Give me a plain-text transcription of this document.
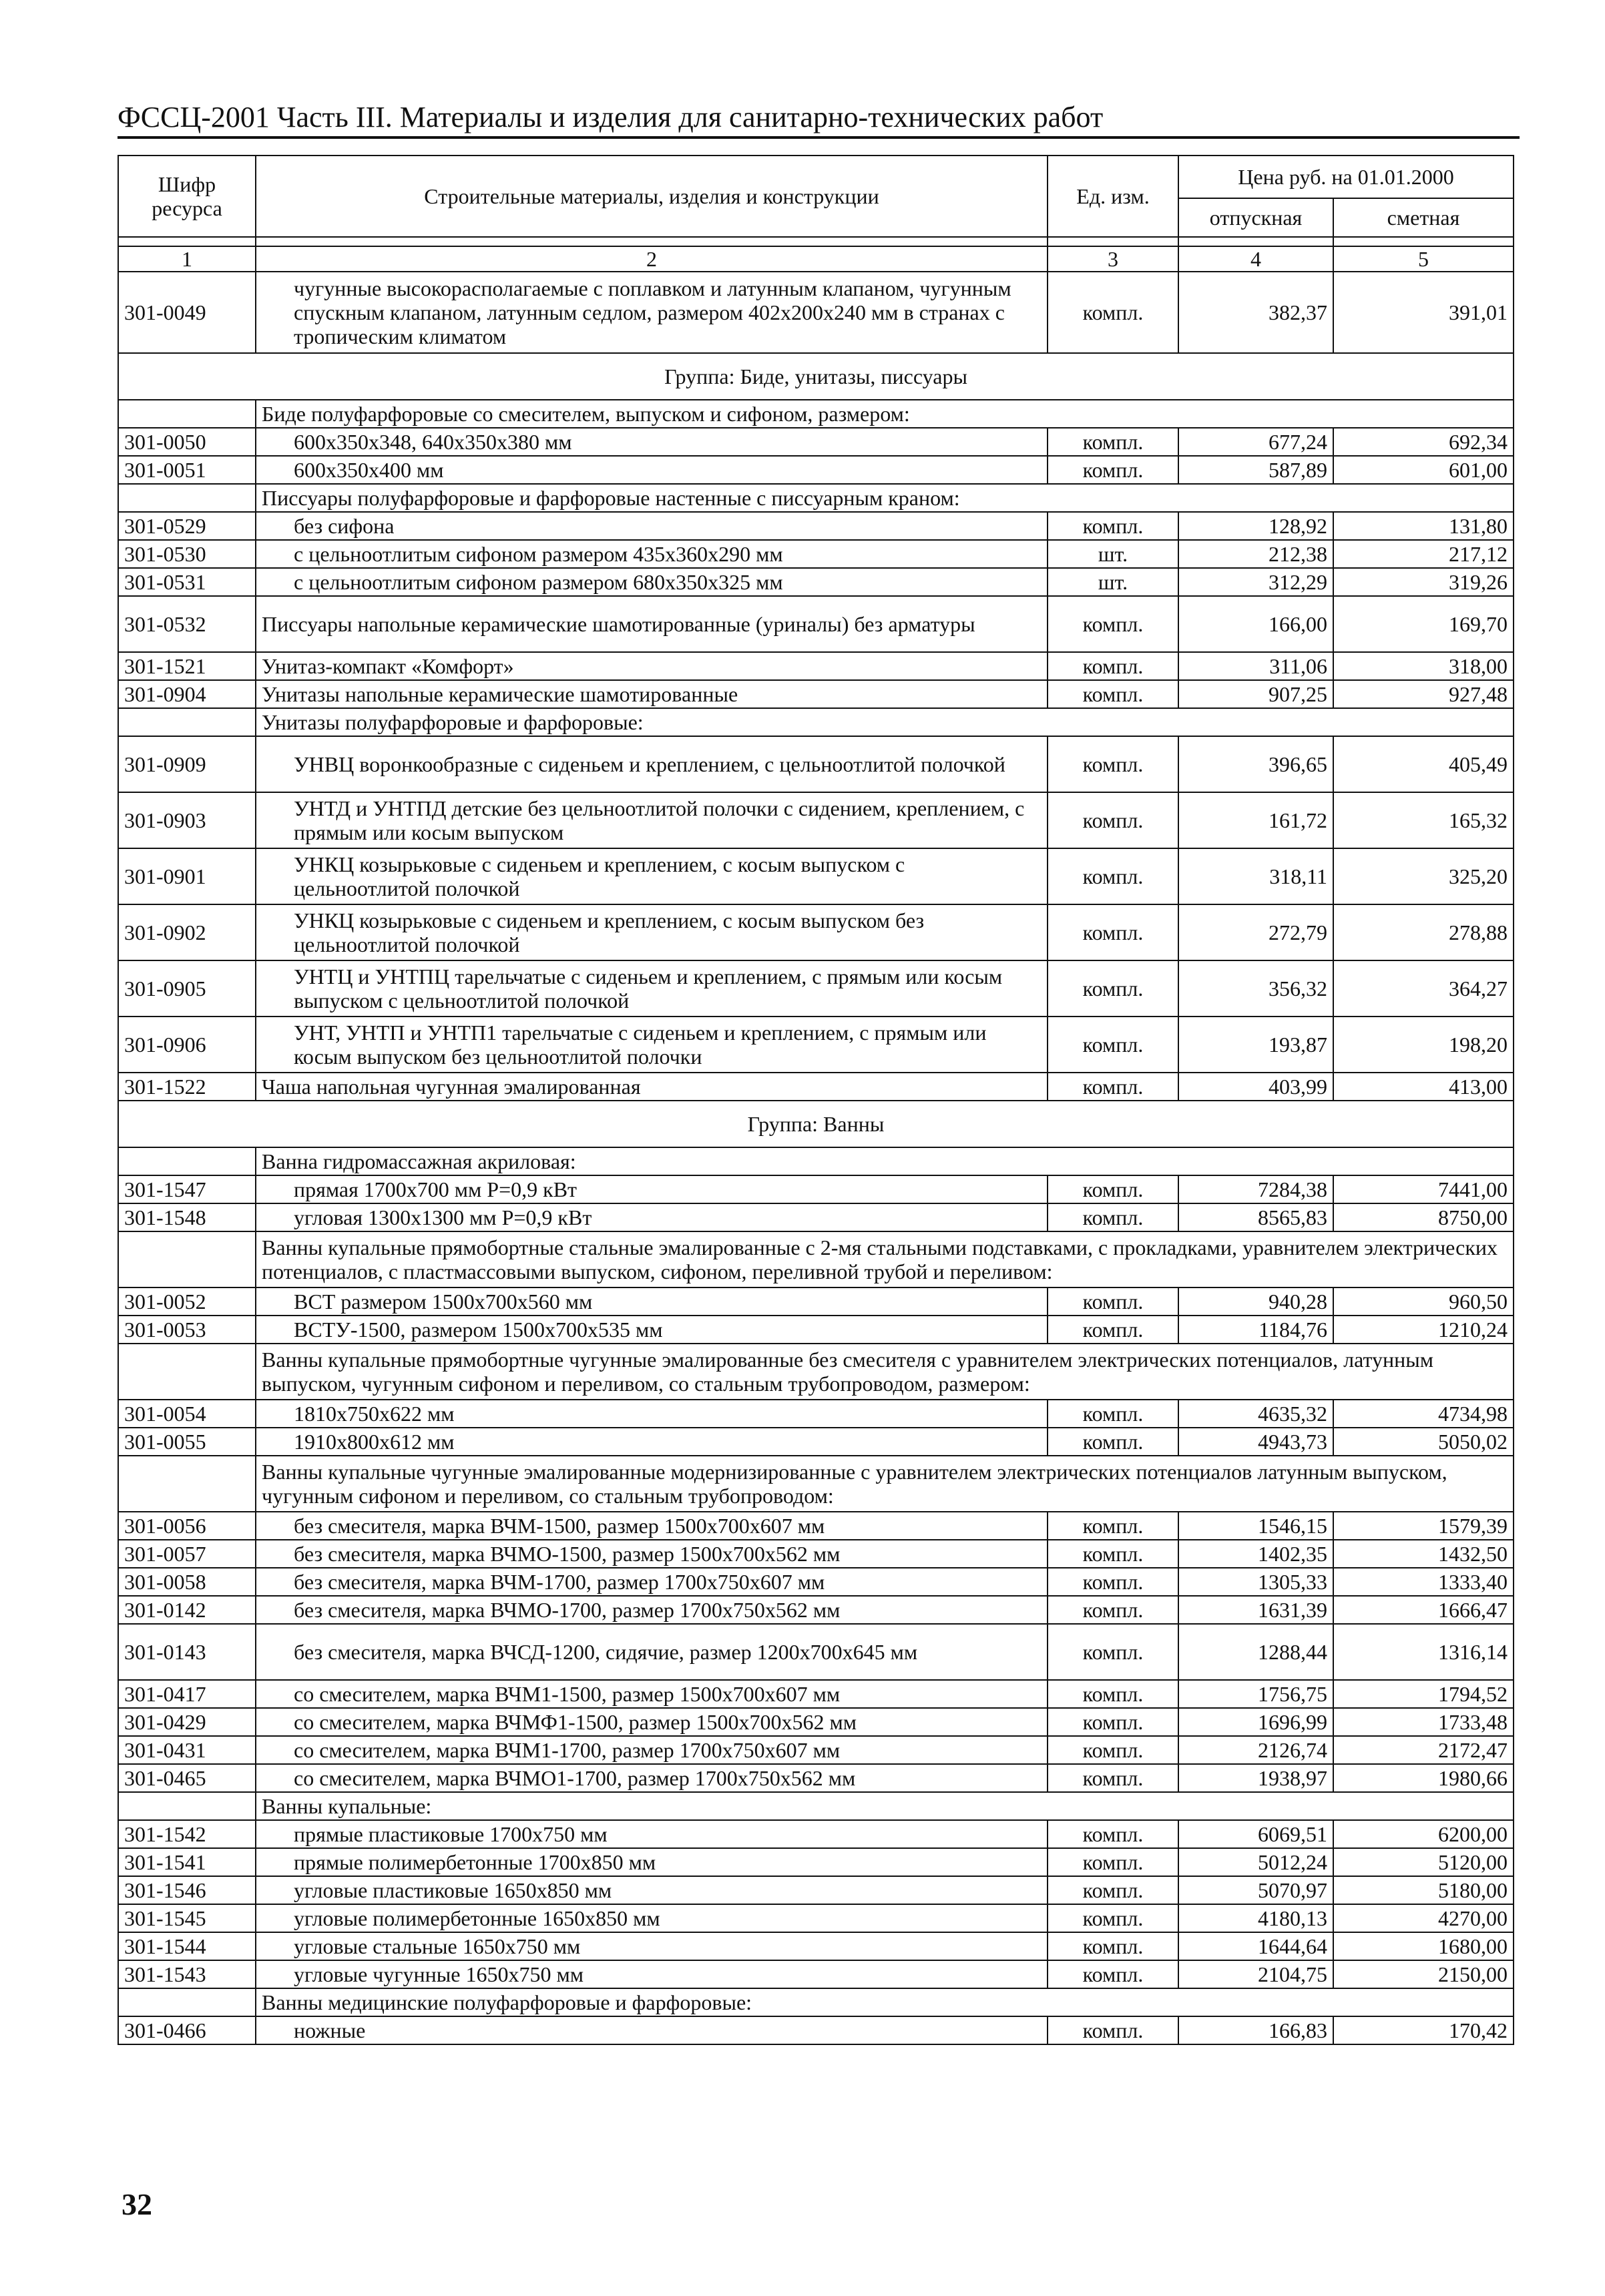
ФССЦ-2001 Часть III. Материалы и изделия для санитарно-технических работ
Шифр ресурса	Строительные материалы, изделия и конструкции	Ед. изм.	Цена руб. на 01.01.2000	
			отпускная	сметная

1	2	3	4	5
301-0049	чугунные высокорасполагаемые с поплавком и латунным клапаном, чугунным спускным клапаном, латунным седлом, размером 402х200х240 мм в странах с тропическим климатом	компл.	382,37	391,01
Группа: Биде, унитазы, писсуары				
	Биде полуфарфоровые со смесителем, выпуском и сифоном, размером:			
301-0050	600х350х348, 640х350х380 мм	компл.	677,24	692,34
301-0051	600х350х400 мм	компл.	587,89	601,00
	Писсуары полуфарфоровые и фарфоровые настенные с писсуарным краном:			
301-0529	без сифона	компл.	128,92	131,80
301-0530	с цельноотлитым сифоном размером 435х360х290 мм	шт.	212,38	217,12
301-0531	с цельноотлитым сифоном размером 680х350х325 мм	шт.	312,29	319,26
301-0532	Писсуары напольные керамические шамотированные (уриналы) без арматуры	компл.	166,00	169,70
301-1521	Унитаз-компакт «Комфорт»	компл.	311,06	318,00
301-0904	Унитазы напольные керамические шамотированные	компл.	907,25	927,48
	Унитазы полуфарфоровые и фарфоровые:			
301-0909	УНВЦ воронкообразные с сиденьем и креплением, с цельноотлитой полочкой	компл.	396,65	405,49
301-0903	УНТД и УНТПД детские без цельноотлитой полочки с сидением, креплением, с прямым или косым выпуском	компл.	161,72	165,32
301-0901	УНКЦ козырьковые с сиденьем и креплением, с косым выпуском с цельноотлитой полочкой	компл.	318,11	325,20
301-0902	УНКЦ козырьковые с сиденьем и креплением, с косым выпуском без цельноотлитой полочкой	компл.	272,79	278,88
301-0905	УНТЦ и УНТПЦ тарельчатые с сиденьем и креплением, с прямым или косым выпуском с цельноотлитой полочкой	компл.	356,32	364,27
301-0906	УНТ, УНТП и УНТП1 тарельчатые с сиденьем и креплением, с прямым или косым выпуском без цельноотлитой полочки	компл.	193,87	198,20
301-1522	Чаша напольная чугунная эмалированная	компл.	403,99	413,00
Группа: Ванны				
	Ванна гидромассажная акриловая:			
301-1547	прямая 1700х700 мм Р=0,9 кВт	компл.	7284,38	7441,00
301-1548	угловая 1300х1300 мм Р=0,9 кВт	компл.	8565,83	8750,00
	Ванны купальные прямобортные стальные эмалированные с 2-мя стальными подставками, с прокладками, уравнителем электрических потенциалов, с пластмассовыми выпуском, сифоном, переливной трубой и переливом:			
301-0052	ВСТ размером 1500х700х560 мм	компл.	940,28	960,50
301-0053	ВСТУ-1500, размером 1500х700х535 мм	компл.	1184,76	1210,24
	Ванны купальные прямобортные чугунные эмалированные без смесителя с уравнителем электрических потенциалов, латунным выпуском, чугунным сифоном и переливом, со стальным трубопроводом, размером:			
301-0054	1810х750х622 мм	компл.	4635,32	4734,98
301-0055	1910х800х612 мм	компл.	4943,73	5050,02
	Ванны купальные чугунные эмалированные модернизированные с уравнителем электрических потенциалов латунным выпуском, чугунным сифоном и переливом, со стальным трубопроводом:			
301-0056	без смесителя, марка ВЧМ-1500, размер 1500х700х607 мм	компл.	1546,15	1579,39
301-0057	без смесителя, марка ВЧМО-1500, размер 1500х700х562 мм	компл.	1402,35	1432,50
301-0058	без смесителя, марка ВЧМ-1700, размер 1700х750х607 мм	компл.	1305,33	1333,40
301-0142	без смесителя, марка ВЧМО-1700, размер 1700х750х562 мм	компл.	1631,39	1666,47
301-0143	без смесителя, марка ВЧСД-1200, сидячие, размер 1200х700х645 мм	компл.	1288,44	1316,14
301-0417	со смесителем, марка ВЧМ1-1500, размер 1500х700х607 мм	компл.	1756,75	1794,52
301-0429	со смесителем, марка ВЧМФ1-1500, размер 1500х700х562 мм	компл.	1696,99	1733,48
301-0431	со смесителем, марка ВЧМ1-1700, размер 1700х750х607 мм	компл.	2126,74	2172,47
301-0465	со смесителем, марка ВЧМО1-1700, размер 1700х750х562 мм	компл.	1938,97	1980,66
	Ванны купальные:			
301-1542	прямые пластиковые 1700х750 мм	компл.	6069,51	6200,00
301-1541	прямые полимербетонные 1700х850 мм	компл.	5012,24	5120,00
301-1546	угловые пластиковые 1650х850 мм	компл.	5070,97	5180,00
301-1545	угловые полимербетонные 1650х850 мм	компл.	4180,13	4270,00
301-1544	угловые стальные 1650х750 мм	компл.	1644,64	1680,00
301-1543	угловые чугунные 1650х750 мм	компл.	2104,75	2150,00
	Ванны медицинские полуфарфоровые и фарфоровые:			
301-0466	ножные	компл.	166,83	170,42
32
